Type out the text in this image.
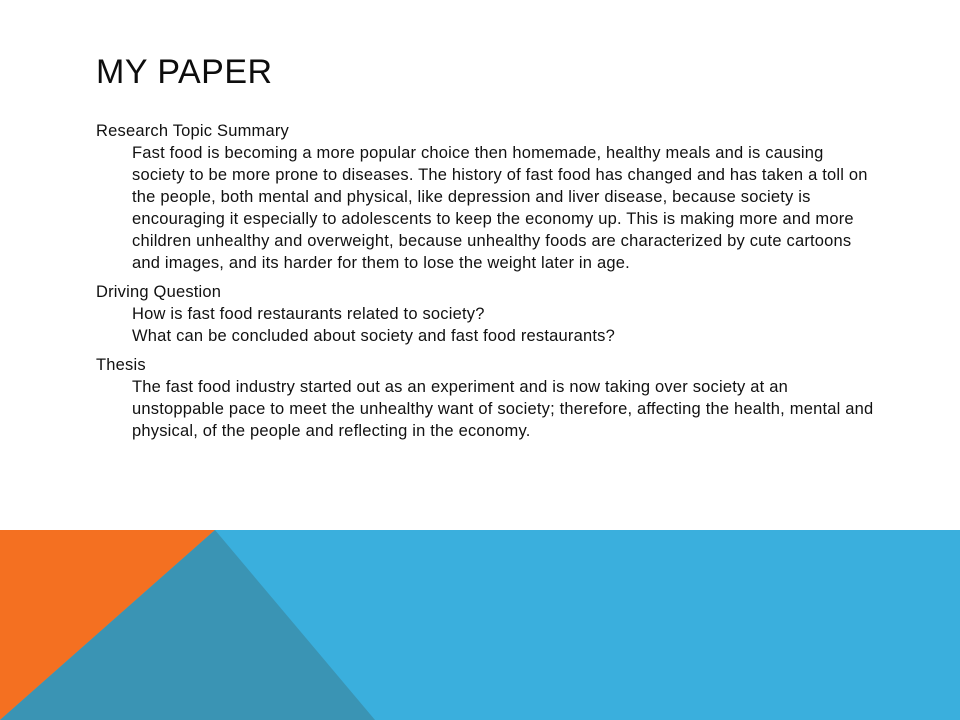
MY PAPER

Research Topic Summary

Fast food is becoming a more popular choice then homemade, healthy meals and is causing society to be more prone to diseases. The history of fast food has changed and has taken a toll on the people, both mental and physical, like depression and liver disease, because society is encouraging it especially to adolescents to keep the economy up. This is making more and more children unhealthy and overweight, because unhealthy foods are characterized by cute cartoons and images, and its harder for them to lose the weight later in age.

Driving Question

How is fast food restaurants related to society?

What can be concluded about society and fast food restaurants?

Thesis

The fast food industry started out as an experiment and is now taking over society at an unstoppable pace to meet the unhealthy want of society; therefore, affecting the health, mental and physical, of the people and reflecting in the economy.
